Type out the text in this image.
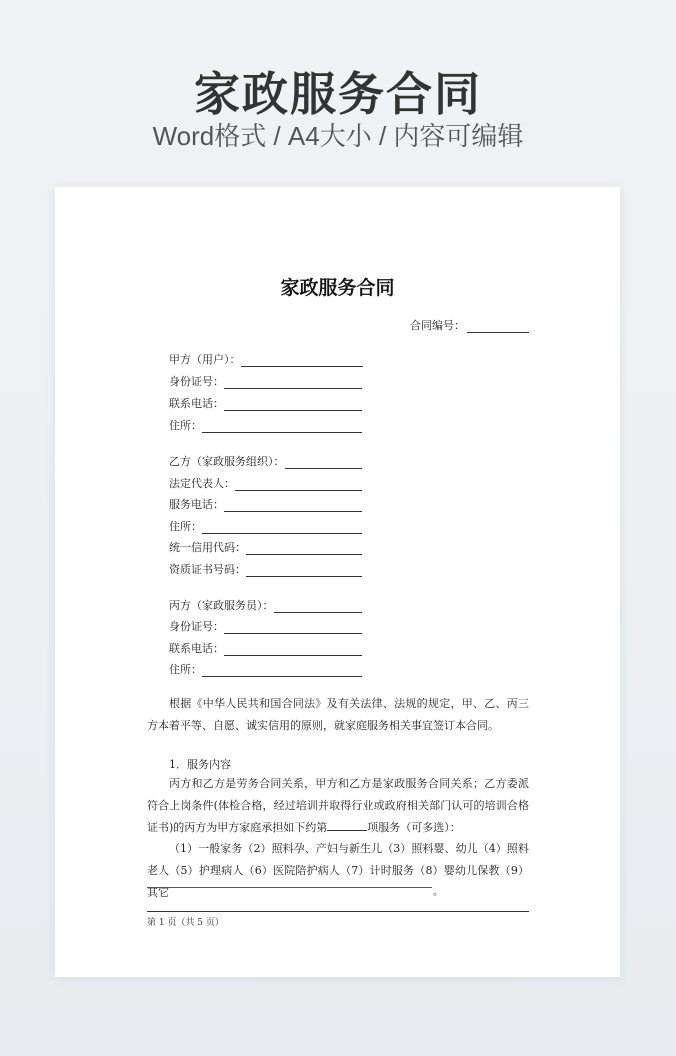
家政服务合同
Word格式 / A4大小 / 内容可编辑
家政服务合同
合同编号：
甲方（用户）：
身份证号：
联系电话：
住所：
乙方（家政服务组织）：
法定代表人：
服务电话：
住所：
统一信用代码：
资质证书号码：
丙方（家政服务员）：
身份证号：
联系电话：
住所：

根据《中华人民共和国合同法》及有关法律、法规的规定，甲、乙、丙三方本着平等、自愿、诚实信用的原则，就家庭服务相关事宜签订本合同。

1．服务内容

丙方和乙方是劳务合同关系，甲方和乙方是家政服务合同关系；乙方委派符合上岗条件(体检合格，经过培训并取得行业或政府相关部门认可的培训合格证书)的丙方为甲方家庭承担如下约第	项服务（可多选）：

（1）一般家务（2）照料孕、产妇与新生儿（3）照料婴、幼儿（4）照料老人（5）护理病人（6）医院陪护病人（7）计时服务（8）婴幼儿保教（9）其它	。
第 1 页（共 5 页）
